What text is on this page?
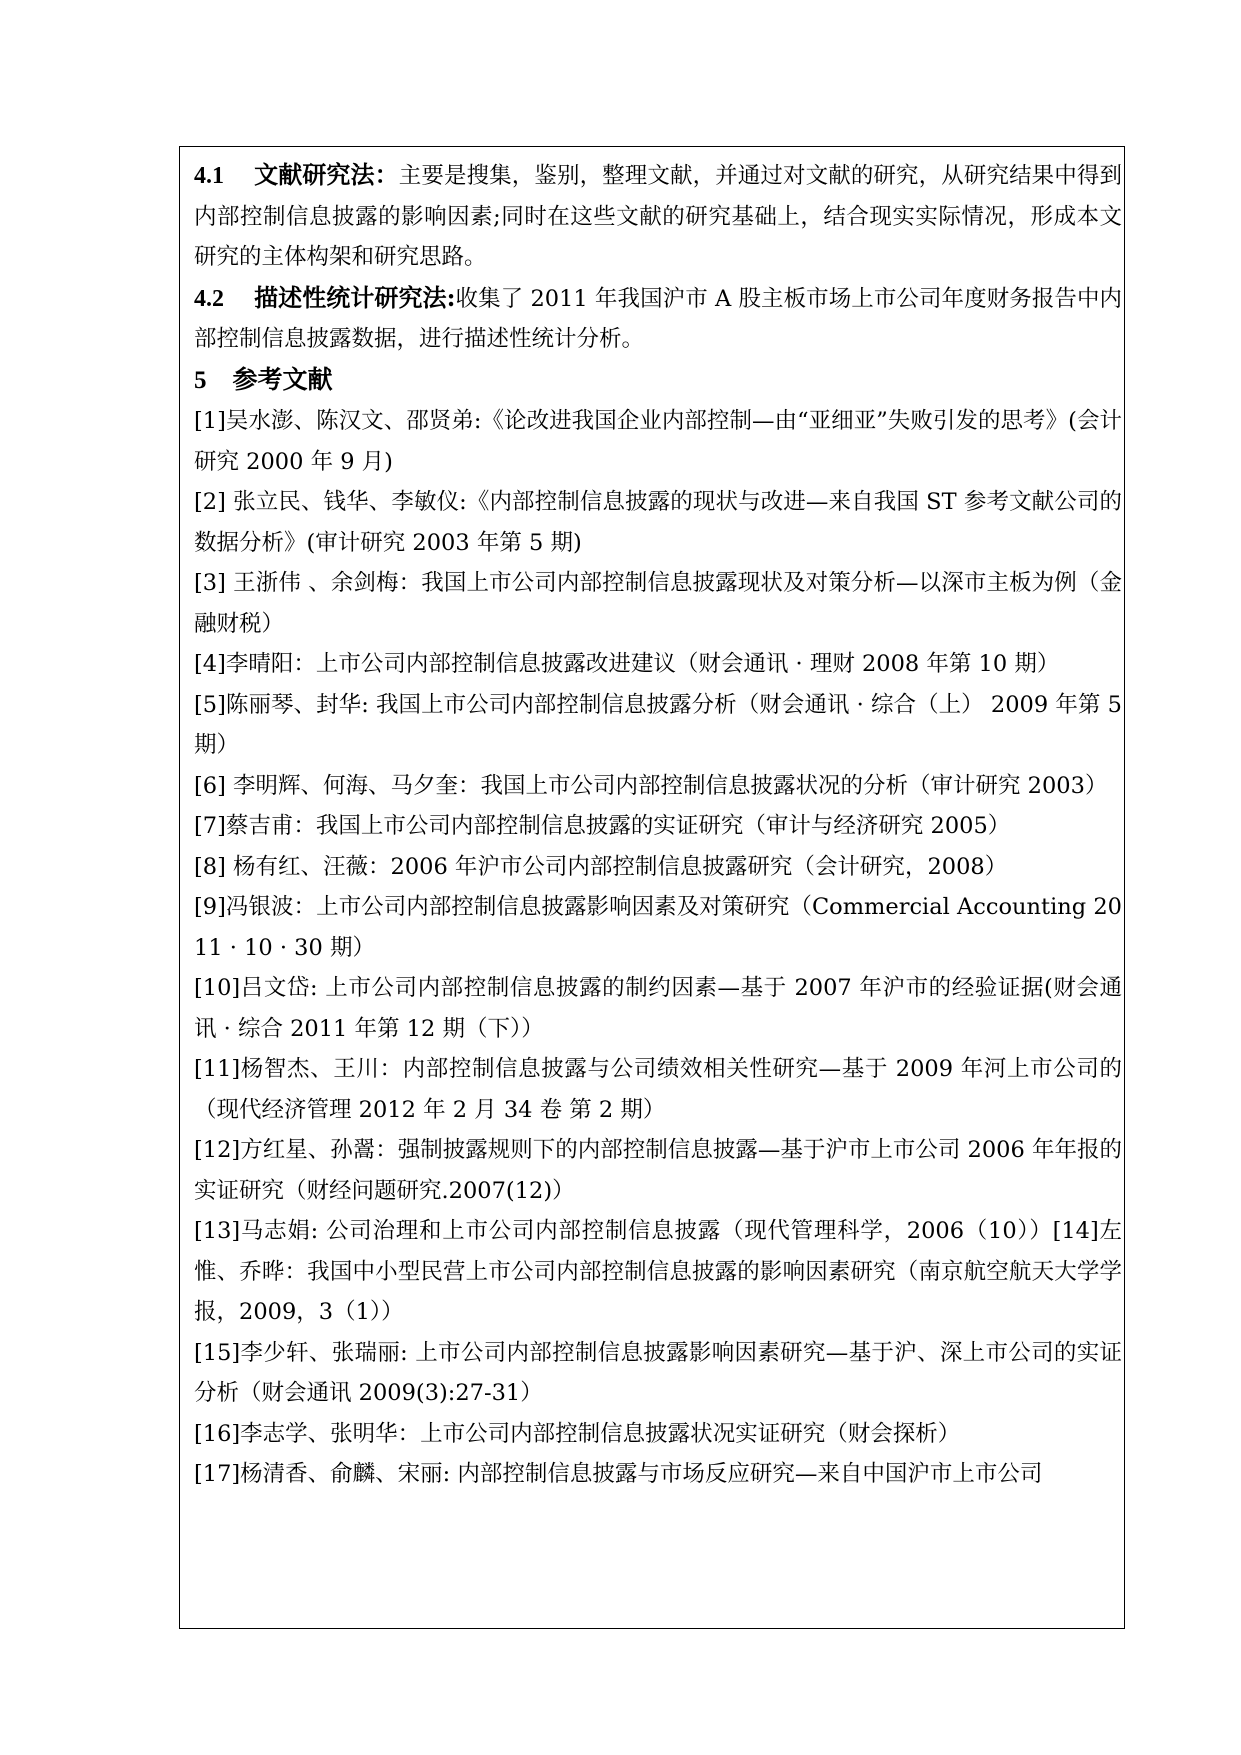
4.1 文献研究法：主要是搜集，鉴别，整理文献，并通过对文献的研究，从研究结果中得到内部控制信息披露的影响因素;同时在这些文献的研究基础上，结合现实实际情况，形成本文研究的主体构架和研究思路。

4.2 描述性统计研究法:收集了 2011 年我国沪市 A 股主板市场上市公司年度财务报告中内部控制信息披露数据，进行描述性统计分析。

5 参考文献

[1]吴水澎、陈汉文、邵贤弟:《论改进我国企业内部控制—由“亚细亚”失败引发的思考》(会计研究 2000 年 9 月)

[2] 张立民、钱华、李敏仪:《内部控制信息披露的现状与改进—来自我国 ST 参考文献公司的数据分析》(审计研究 2003 年第 5 期)

[3] 王浙伟 、余剑梅：我国上市公司内部控制信息披露现状及对策分析—以深市主板为例（金融财税）

[4]李晴阳：上市公司内部控制信息披露改进建议（财会通讯 · 理财 2008 年第 10 期）

[5]陈丽琴、封华: 我国上市公司内部控制信息披露分析（财会通讯 · 综合（上） 2009 年第 5 期）

[6] 李明辉、何海、马夕奎：我国上市公司内部控制信息披露状况的分析（审计研究 2003）

[7]蔡吉甫：我国上市公司内部控制信息披露的实证研究（审计与经济研究 2005）

[8] 杨有红、汪薇：2006 年沪市公司内部控制信息披露研究（会计研究，2008）

[9]冯银波：上市公司内部控制信息披露影响因素及对策研究（Commercial Accounting 2011 · 10 · 30 期）

[10]吕文岱: 上市公司内部控制信息披露的制约因素—基于 2007 年沪市的经验证据(财会通讯 · 综合 2011 年第 12 期（下））

[11]杨智杰、王川：内部控制信息披露与公司绩效相关性研究—基于 2009 年河上市公司的（现代经济管理 2012 年 2 月 34 卷 第 2 期）

[12]方红星、孙翯：强制披露规则下的内部控制信息披露—基于沪市上市公司 2006 年年报的实证研究（财经问题研究.2007(12)）

[13]马志娟: 公司治理和上市公司内部控制信息披露（现代管理科学，2006（10））[14]左惟、乔晔：我国中小型民营上市公司内部控制信息披露的影响因素研究（南京航空航天大学学报，2009，3（1））

[15]李少轩、张瑞丽: 上市公司内部控制信息披露影响因素研究—基于沪、深上市公司的实证分析（财会通讯 2009(3):27-31）

[16]李志学、张明华：上市公司内部控制信息披露状况实证研究（财会探析）

[17]杨清香、俞麟、宋丽: 内部控制信息披露与市场反应研究—来自中国沪市上市公司
